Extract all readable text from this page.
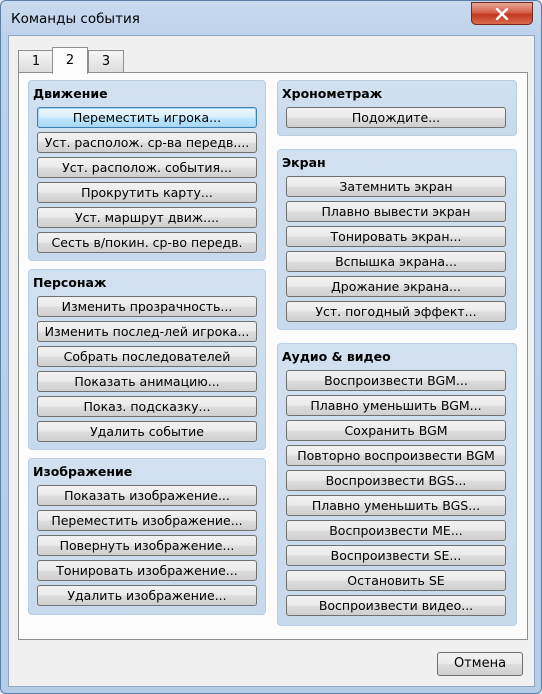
Команды события
1	2	3
Движение
Переместить игрока...
Уст. располож. ср-ва передв....
Уст. располож. события...
Прокрутить карту...
Уст. маршрут движ....
Сесть в/покин. ср-во передв.
Персонаж
Изменить прозрачность...
Изменить послед-лей игрока...
Собрать последователей
Показать анимацию...
Показ. подсказку...
Удалить событие
Изображение
Показать изображение...
Переместить изображение...
Повернуть изображение...
Тонировать изображение...
Удалить изображение...
Хронометраж
Подождите...
Экран
Затемнить экран
Плавно вывести экран
Тонировать экран...
Вспышка экрана...
Дрожание экрана...
Уст. погодный эффект...
Аудио & видео
Воспроизвести BGM...
Плавно уменьшить BGM...
Сохранить BGM
Повторно воспроизвести BGM
Воспроизвести BGS...
Плавно уменьшить BGS...
Воспроизвести ME...
Воспроизвести SE...
Остановить SE
Воспроизвести видео...
Отмена
